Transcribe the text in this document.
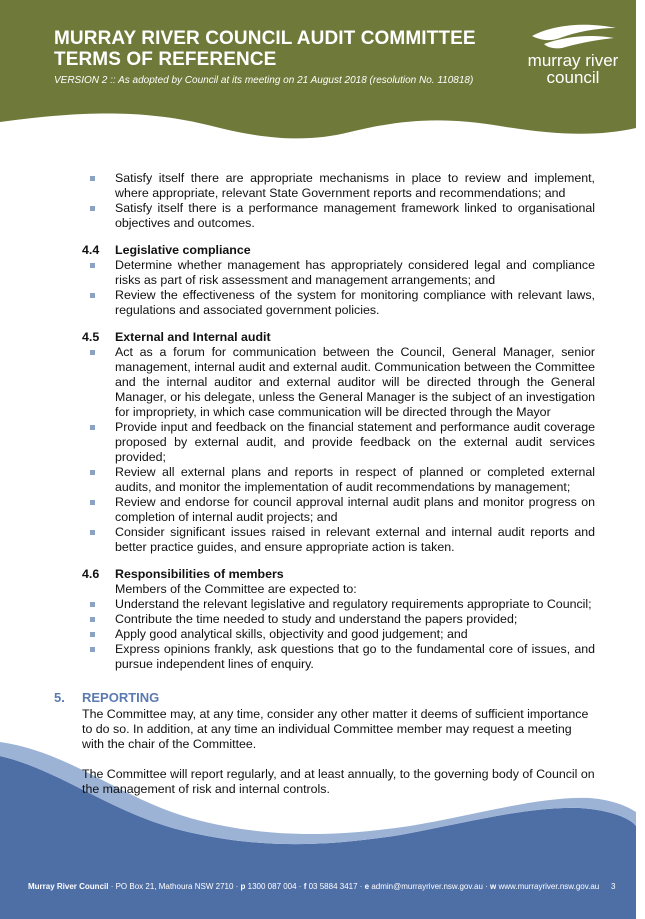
MURRAY RIVER COUNCIL AUDIT COMMITTEE
TERMS OF REFERENCE
VERSION 2 :: As adopted by Council at its meeting on 21 August 2018 (resolution No. 110818)
murray river
council
Satisfy itself there are appropriate mechanisms in place to review and implement, where appropriate, relevant State Government reports and recommendations; and
Satisfy itself there is a performance management framework linked to organisational objectives and outcomes.
4.4	Legislative compliance
Determine whether management has appropriately considered legal and compliance risks as part of risk assessment and management arrangements; and
Review the effectiveness of the system for monitoring compliance with relevant laws, regulations and associated government policies.
4.5	External and Internal audit
Act as a forum for communication between the Council, General Manager, senior management, internal audit and external audit. Communication between the Committee and the internal auditor and external auditor will be directed through the General Manager, or his delegate, unless the General Manager is the subject of an investigation for impropriety, in which case communication will be directed through the Mayor
Provide input and feedback on the financial statement and performance audit coverage proposed by external audit, and provide feedback on the external audit services provided;
Review all external plans and reports in respect of planned or completed external audits, and monitor the implementation of audit recommendations by management;
Review and endorse for council approval internal audit plans and monitor progress on completion of internal audit projects; and
Consider significant issues raised in relevant external and internal audit reports and better practice guides, and ensure appropriate action is taken.
4.6	Responsibilities of members
Members of the Committee are expected to:
Understand the relevant legislative and regulatory requirements appropriate to Council;
Contribute the time needed to study and understand the papers provided;
Apply good analytical skills, objectivity and good judgement; and
Express opinions frankly, ask questions that go to the fundamental core of issues, and pursue independent lines of enquiry.
5.	REPORTING

The Committee may, at any time, consider any other matter it deems of sufficient importance to do so. In addition, at any time an individual Committee member may request a meeting with the chair of the Committee.

The Committee will report regularly, and at least annually, to the governing body of Council on the management of risk and internal controls.

Murray River Council · PO Box 21, Mathoura NSW 2710 · p 1300 087 004 · f 03 5884 3417 · e admin@murrayriver.nsw.gov.au · w www.murrayriver.nsw.gov.au 3
